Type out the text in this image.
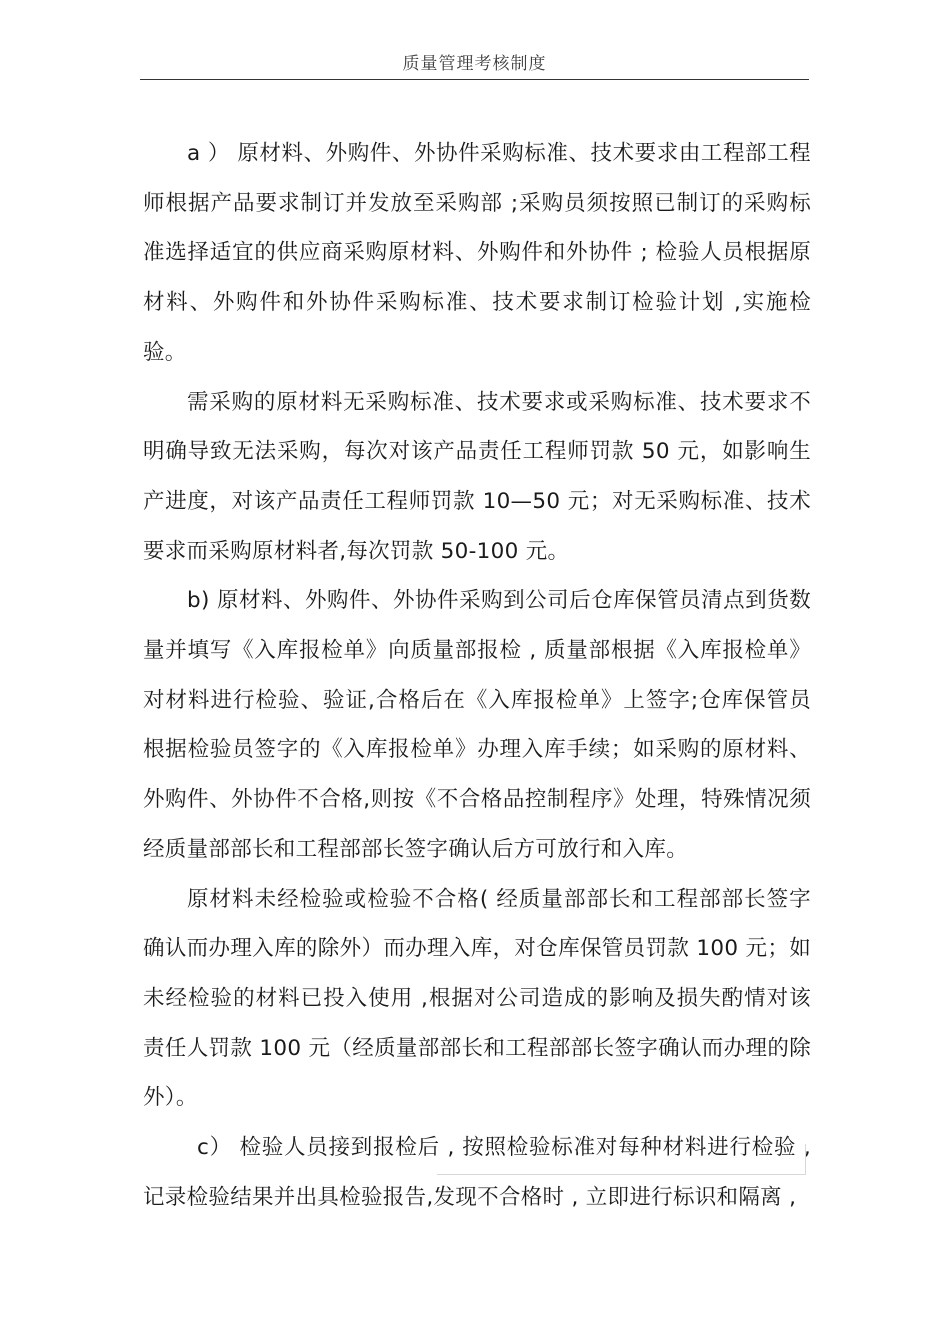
质量管理考核制度

a ） 原材料、外购件、外协件采购标准、技术要求由工程部工程师根据产品要求制订并发放至采购部 ;采购员须按照已制订的采购标准选择适宜的供应商采购原材料、外购件和外协件 ; 检验人员根据原材料、外购件和外协件采购标准、技术要求制订检验计划 ,实施检验。

需采购的原材料无采购标准、技术要求或采购标准、技术要求不明确导致无法采购，每次对该产品责任工程师罚款 50 元，如影响生产进度，对该产品责任工程师罚款 10—50 元；对无采购标准、技术要求而采购原材料者,每次罚款 50-100 元。

b) 原材料、外购件、外协件采购到公司后仓库保管员清点到货数量并填写《入库报检单》向质量部报检 , 质量部根据《入库报检单》对材料进行检验、验证,合格后在《入库报检单》上签字;仓库保管员根据检验员签字的《入库报检单》办理入库手续；如采购的原材料、外购件、外协件不合格,则按《不合格品控制程序》处理，特殊情况须经质量部部长和工程部部长签字确认后方可放行和入库。

原材料未经检验或检验不合格( 经质量部部长和工程部部长签字确认而办理入库的除外）而办理入库，对仓库保管员罚款 100 元；如未经检验的材料已投入使用 ,根据对公司造成的影响及损失酌情对该责任人罚款 100 元（经质量部部长和工程部部长签字确认而办理的除外）。

c） 检验人员接到报检后 , 按照检验标准对每种材料进行检验 ,记录检验结果并出具检验报告,发现不合格时 , 立即进行标识和隔离 ,
